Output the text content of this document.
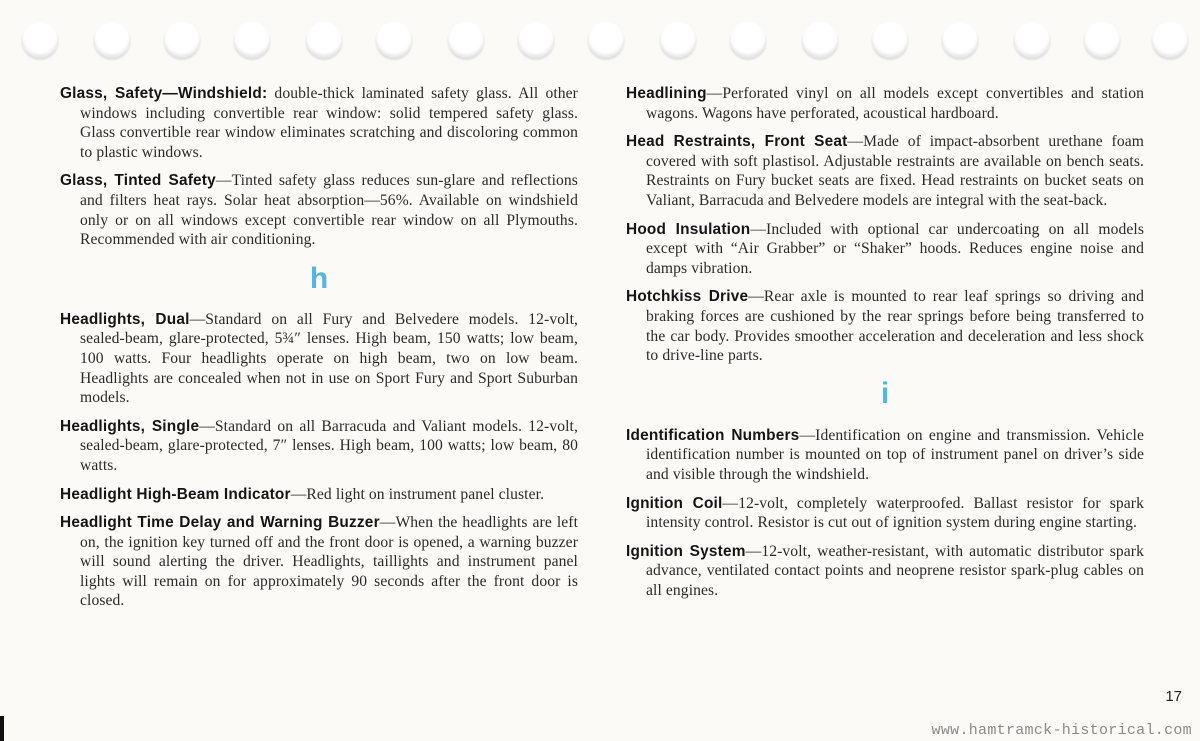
Glass, Safety—Windshield: double-thick laminated safety glass. All other windows including convertible rear window: solid tempered safety glass. Glass convertible rear window eliminates scratching and discoloring common to plastic windows.

Glass, Tinted Safety—Tinted safety glass reduces sun-glare and reflections and filters heat rays. Solar heat absorption—56%. Available on windshield only or on all windows except convertible rear window on all Plymouths. Recommended with air conditioning.

h

Headlights, Dual—Standard on all Fury and Belvedere models. 12-volt, sealed-beam, glare-protected, 5¾″ lenses. High beam, 150 watts; low beam, 100 watts. Four headlights operate on high beam, two on low beam. Headlights are concealed when not in use on Sport Fury and Sport Suburban models.

Headlights, Single—Standard on all Barracuda and Valiant models. 12-volt, sealed-beam, glare-protected, 7″ lenses. High beam, 100 watts; low beam, 80 watts.

Headlight High-Beam Indicator—Red light on instrument panel cluster.

Headlight Time Delay and Warning Buzzer—When the headlights are left on, the ignition key turned off and the front door is opened, a warning buzzer will sound alerting the driver. Headlights, taillights and instrument panel lights will remain on for approximately 90 seconds after the front door is closed.

Headlining—Perforated vinyl on all models except convertibles and station wagons. Wagons have perforated, acoustical hardboard.

Head Restraints, Front Seat—Made of impact-absorbent urethane foam covered with soft plastisol. Adjustable restraints are available on bench seats. Restraints on Fury bucket seats are fixed. Head restraints on bucket seats on Valiant, Barracuda and Belvedere models are integral with the seat-back.

Hood Insulation—Included with optional car undercoating on all models except with “Air Grabber” or “Shaker” hoods. Reduces engine noise and damps vibration.

Hotchkiss Drive—Rear axle is mounted to rear leaf springs so driving and braking forces are cushioned by the rear springs before being transferred to the car body. Provides smoother acceleration and deceleration and less shock to drive-line parts.

i

Identification Numbers—Identification on engine and transmission. Vehicle identification number is mounted on top of instrument panel on driver’s side and visible through the windshield.

Ignition Coil—12-volt, completely waterproofed. Ballast resistor for spark intensity control. Resistor is cut out of ignition system during engine starting.

Ignition System—12-volt, weather-resistant, with automatic distributor spark advance, ventilated contact points and neoprene resistor spark-plug cables on all engines.

17
www.hamtramck-historical.com
